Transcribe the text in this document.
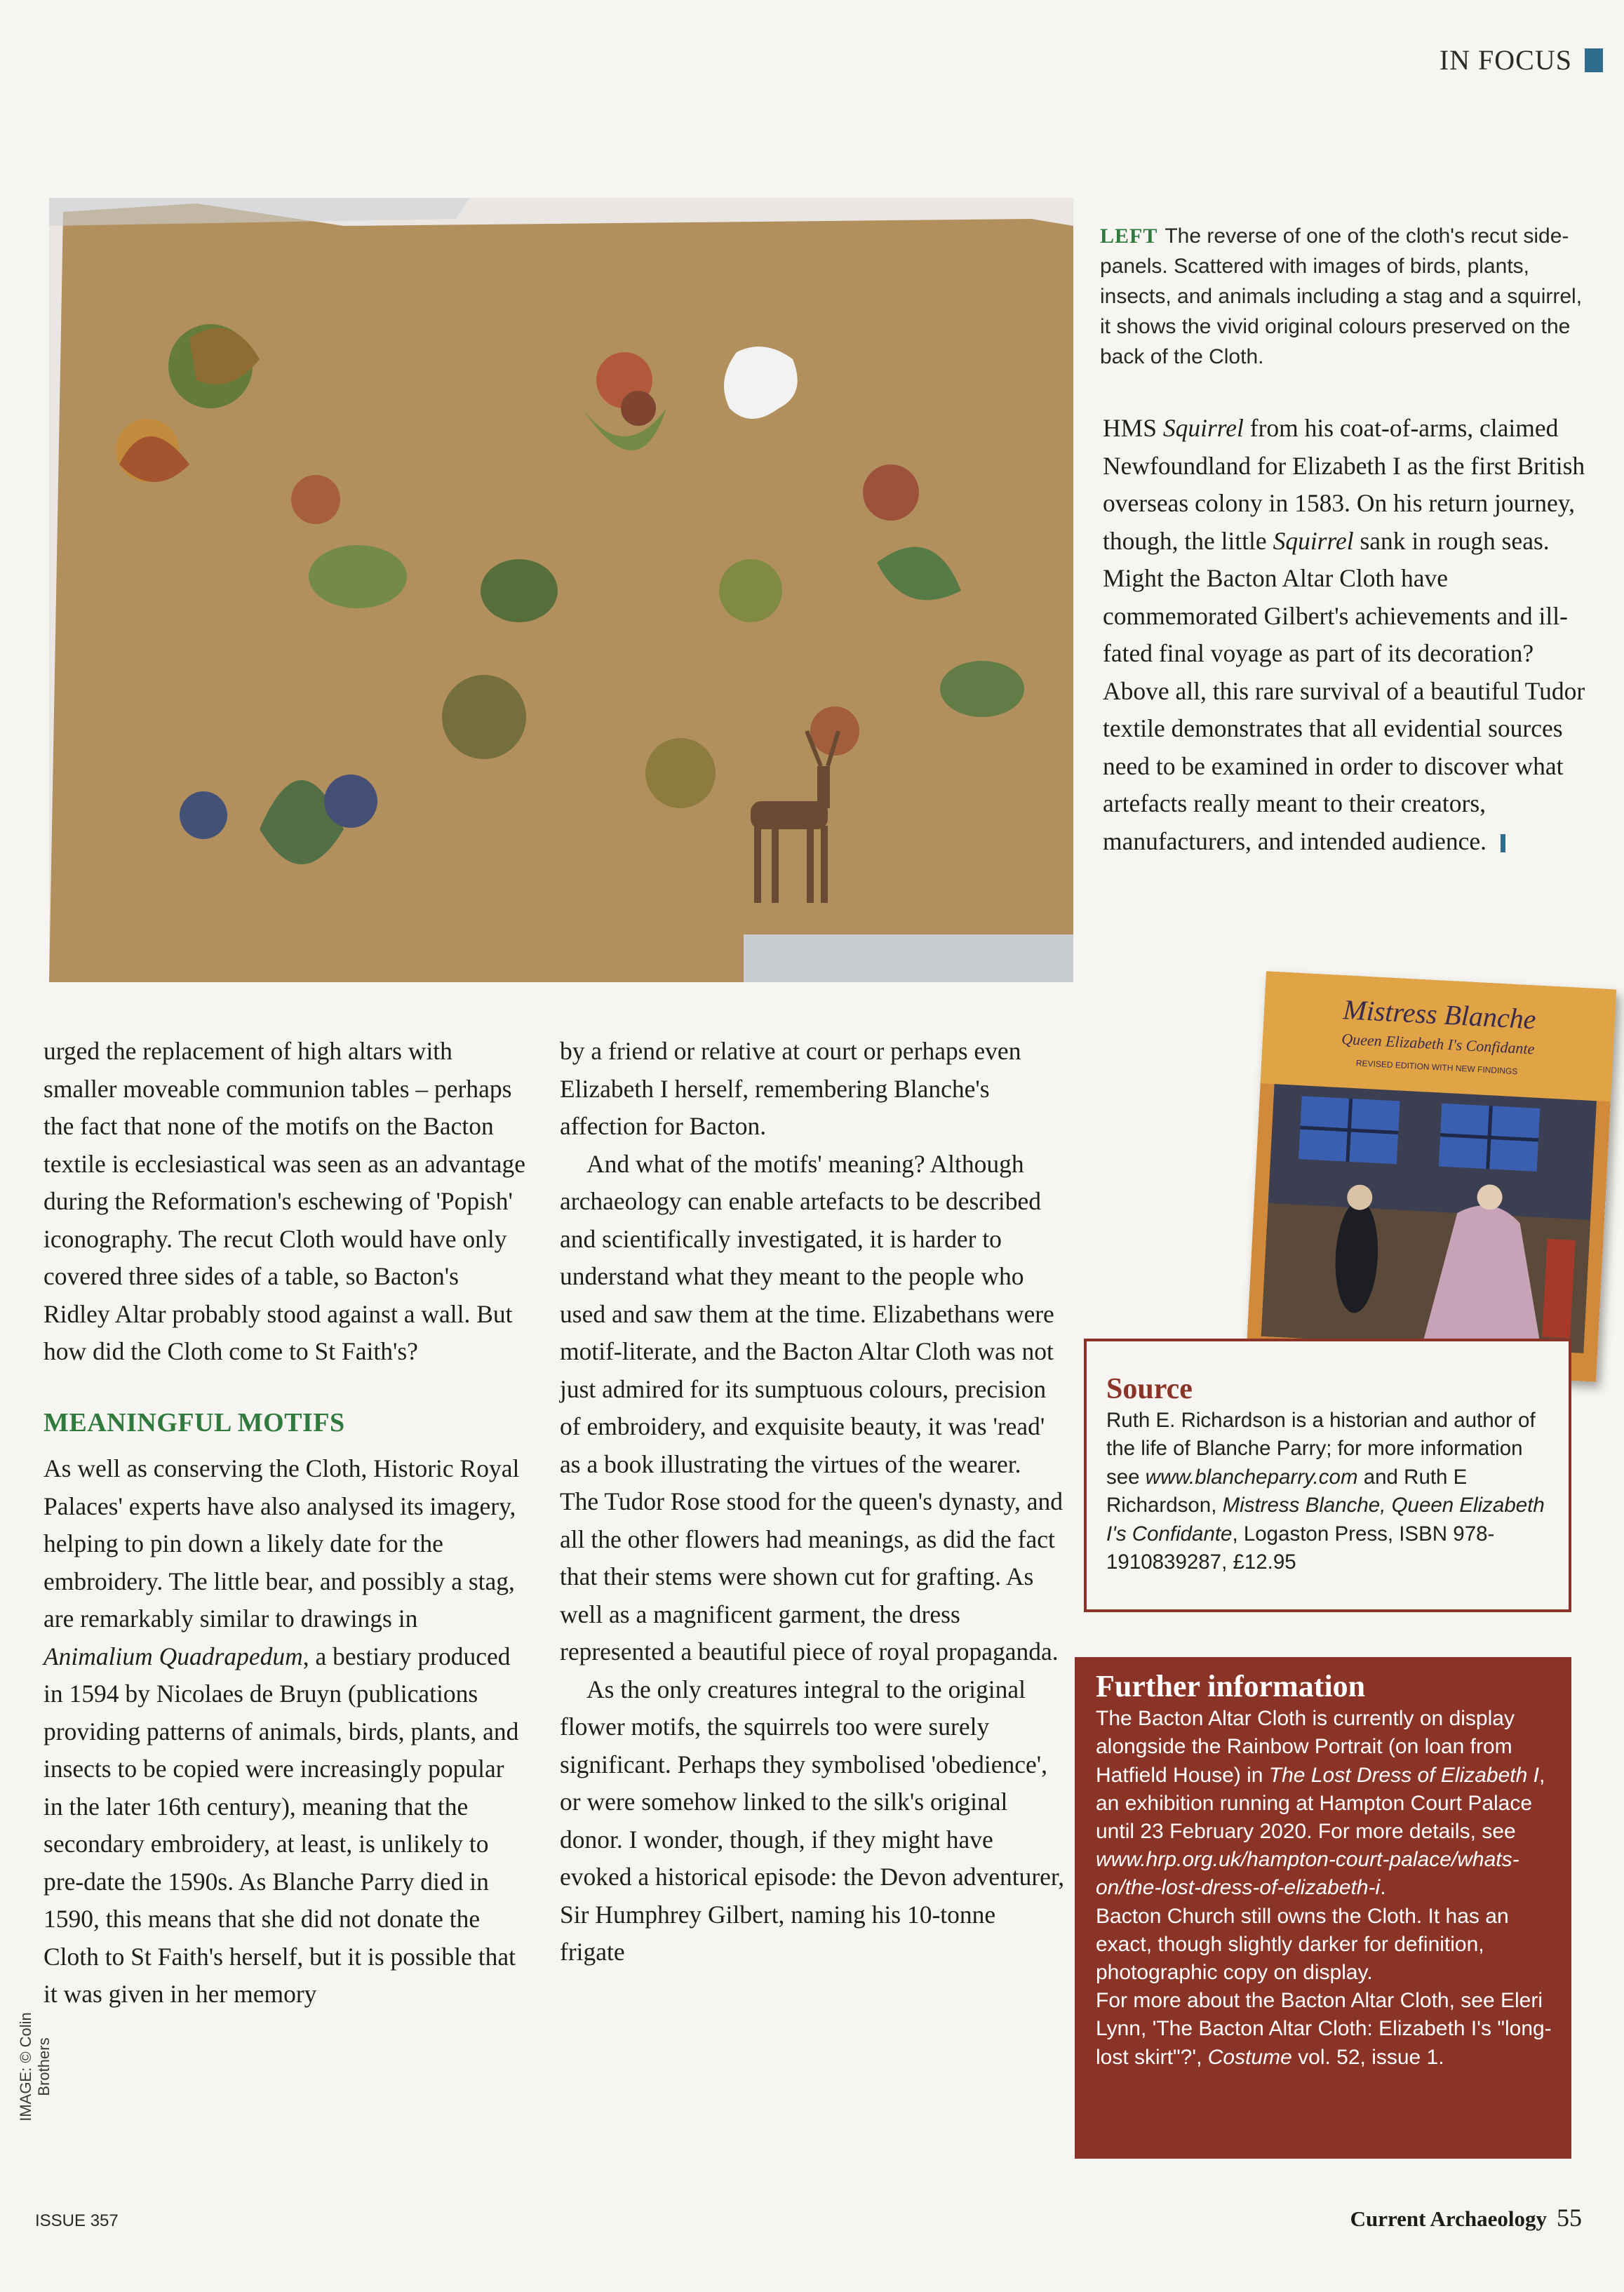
IN FOCUS
LEFT The reverse of one of the cloth's recut side-panels. Scattered with images of birds, plants, insects, and animals including a stag and a squirrel, it shows the vivid original colours preserved on the back of the Cloth.

HMS Squirrel from his coat-of-arms, claimed Newfoundland for Elizabeth I as the first British overseas colony in 1583. On his return journey, though, the little Squirrel sank in rough seas. Might the Bacton Altar Cloth have commemorated Gilbert's achievements and ill-fated final voyage as part of its decoration? Above all, this rare survival of a beautiful Tudor textile demonstrates that all evidential sources need to be examined in order to discover what artefacts really meant to their creators, manufacturers, and intended audience.

urged the replacement of high altars with smaller moveable communion tables – perhaps the fact that none of the motifs on the Bacton textile is ecclesiastical was seen as an advantage during the Reformation's eschewing of 'Popish' iconography. The recut Cloth would have only covered three sides of a table, so Bacton's Ridley Altar probably stood against a wall. But how did the Cloth come to St Faith's?

MEANINGFUL MOTIFS

As well as conserving the Cloth, Historic Royal Palaces' experts have also analysed its imagery, helping to pin down a likely date for the embroidery. The little bear, and possibly a stag, are remarkably similar to drawings in Animalium Quadrapedum, a bestiary produced in 1594 by Nicolaes de Bruyn (publications providing patterns of animals, birds, plants, and insects to be copied were increasingly popular in the later 16th century), meaning that the secondary embroidery, at least, is unlikely to pre-date the 1590s. As Blanche Parry died in 1590, this means that she did not donate the Cloth to St Faith's herself, but it is possible that it was given in her memory

by a friend or relative at court or perhaps even Elizabeth I herself, remembering Blanche's affection for Bacton.

And what of the motifs' meaning? Although archaeology can enable artefacts to be described and scientifically investigated, it is harder to understand what they meant to the people who used and saw them at the time. Elizabethans were motif-literate, and the Bacton Altar Cloth was not just admired for its sumptuous colours, precision of embroidery, and exquisite beauty, it was 'read' as a book illustrating the virtues of the wearer. The Tudor Rose stood for the queen's dynasty, and all the other flowers had meanings, as did the fact that their stems were shown cut for grafting. As well as a magnificent garment, the dress represented a beautiful piece of royal propaganda.

As the only creatures integral to the original flower motifs, the squirrels too were surely significant. Perhaps they symbolised 'obedience', or were somehow linked to the silk's original donor. I wonder, though, if they might have evoked a historical episode: the Devon adventurer, Sir Humphrey Gilbert, naming his 10-tonne frigate

Mistress Blanche
Queen Elizabeth I's Confidante
REVISED EDITION WITH NEW FINDINGS
Source
Ruth E. Richardson is a historian and author of the life of Blanche Parry; for more information see www.blancheparry.com and Ruth E Richardson, Mistress Blanche, Queen Elizabeth I's Confidante, Logaston Press, ISBN 978-1910839287, £12.95
Further information
The Bacton Altar Cloth is currently on display alongside the Rainbow Portrait (on loan from Hatfield House) in The Lost Dress of Elizabeth I, an exhibition running at Hampton Court Palace until 23 February 2020. For more details, see www.hrp.org.uk/hampton-court-palace/whats-on/the-lost-dress-of-elizabeth-i.
Bacton Church still owns the Cloth. It has an exact, though slightly darker for definition, photographic copy on display.
For more about the Bacton Altar Cloth, see Eleri Lynn, 'The Bacton Altar Cloth: Elizabeth I's "long-lost skirt"?', Costume vol. 52, issue 1.
IMAGE: © Colin Brothers
ISSUE 357	Current Archaeology 55
